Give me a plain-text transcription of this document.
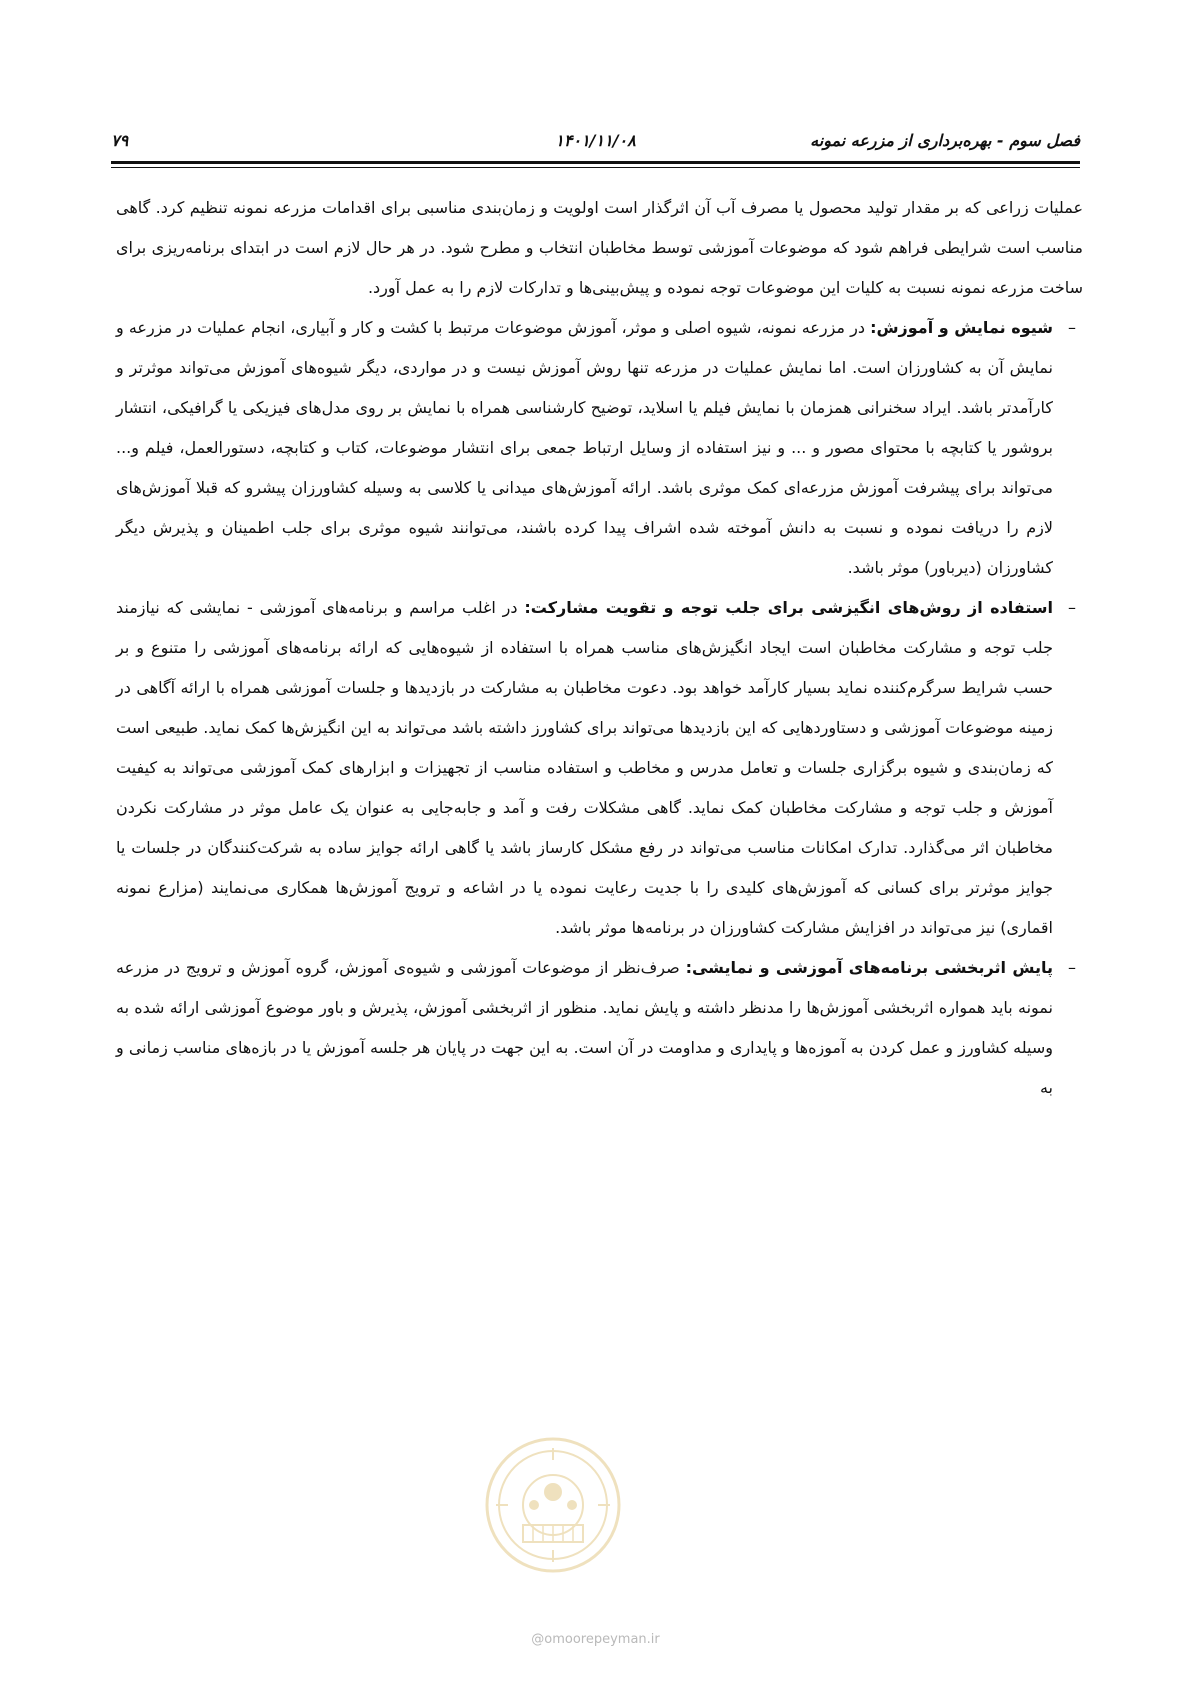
فصل سوم - بهره‌برداری از مزرعه نمونه
۱۴۰۱/۱۱/۰۸
۷۹

عملیات زراعی که بر مقدار تولید محصول یا مصرف آب آن اثرگذار است اولویت و زمان‌بندی مناسبی برای اقدامات مزرعه نمونه تنظیم کرد. گاهی مناسب است شرایطی فراهم شود که موضوعات آموزشی توسط مخاطبان انتخاب و مطرح شود. در هر حال لازم است در ابتدای برنامه‌ریزی برای ساخت مزرعه نمونه نسبت به کلیات این موضوعات توجه نموده و پیش‌بینی‌ها و تدارکات لازم را به عمل آورد.

–
شیوه نمایش و آموزش: در مزرعه نمونه، شیوه اصلی و موثر، آموزش موضوعات مرتبط با کشت و کار و آبیاری، انجام عملیات در مزرعه و نمایش آن به کشاورزان است. اما نمایش عملیات در مزرعه تنها روش آموزش نیست و در مواردی، دیگر شیوه‌های آموزش می‌تواند موثرتر و کارآمدتر باشد. ایراد سخنرانی همزمان با نمایش فیلم یا اسلاید، توضیح کارشناسی همراه با نمایش بر روی مدل‌های فیزیکی یا گرافیکی، انتشار بروشور یا کتابچه با محتوای مصور و ... و نیز استفاده از وسایل ارتباط جمعی برای انتشار موضوعات، کتاب و کتابچه، دستورالعمل، فیلم و... می‌تواند برای پیشرفت آموزش مزرعه‌ای کمک موثری باشد. ارائه آموزش‌های میدانی یا کلاسی به وسیله کشاورزان پیشرو که قبلا آموزش‌های لازم را دریافت نموده و نسبت به دانش آموخته شده اشراف پیدا کرده باشند، می‌توانند شیوه موثری برای جلب اطمینان و پذیرش دیگر کشاورزان (دیرباور) موثر باشد.
–
استفاده از روش‌های انگیزشی برای جلب توجه و تقویت مشارکت: در اغلب مراسم و برنامه‌های آموزشی - نمایشی که نیازمند جلب توجه و مشارکت مخاطبان است ایجاد انگیزش‌های مناسب همراه با استفاده از شیوه‌هایی که ارائه برنامه‌های آموزشی را متنوع و بر حسب شرایط سرگرم‌کننده نماید بسیار کارآمد خواهد بود. دعوت مخاطبان به مشارکت در بازدیدها و جلسات آموزشی همراه با ارائه آگاهی در زمینه موضوعات آموزشی و دستاوردهایی که این بازدیدها می‌تواند برای کشاورز داشته باشد می‌تواند به این انگیزش‌ها کمک نماید. طبیعی است که زمان‌بندی و شیوه برگزاری جلسات و تعامل مدرس و مخاطب و استفاده مناسب از تجهیزات و ابزارهای کمک آموزشی می‌تواند به کیفیت آموزش و جلب توجه و مشارکت مخاطبان کمک نماید. گاهی مشکلات رفت و آمد و جابه‌جایی به عنوان یک عامل موثر در مشارکت نکردن مخاطبان اثر می‌گذارد. تدارک امکانات مناسب می‌تواند در رفع مشکل کارساز باشد یا گاهی ارائه جوایز ساده به شرکت‌کنندگان در جلسات یا جوایز موثرتر برای کسانی که آموزش‌های کلیدی را با جدیت رعایت نموده یا در اشاعه و ترویج آموزش‌ها همکاری می‌نمایند (مزارع نمونه اقماری) نیز می‌تواند در افزایش مشارکت کشاورزان در برنامه‌ها موثر باشد.
–
پایش اثربخشی برنامه‌های آموزشی و نمایشی: صرف‌نظر از موضوعات آموزشی و شیوه‌ی آموزش، گروه آموزش و ترویج در مزرعه نمونه باید همواره اثربخشی آموزش‌ها را مدنظر داشته و پایش نماید. منظور از اثربخشی آموزش، پذیرش و باور موضوع آموزشی ارائه شده به وسیله کشاورز و عمل کردن به آموزه‌ها و پایداری و مداومت در آن است. به این جهت در پایان هر جلسه آموزش یا در بازه‌های مناسب زمانی و به
@omoorepeyman.ir
